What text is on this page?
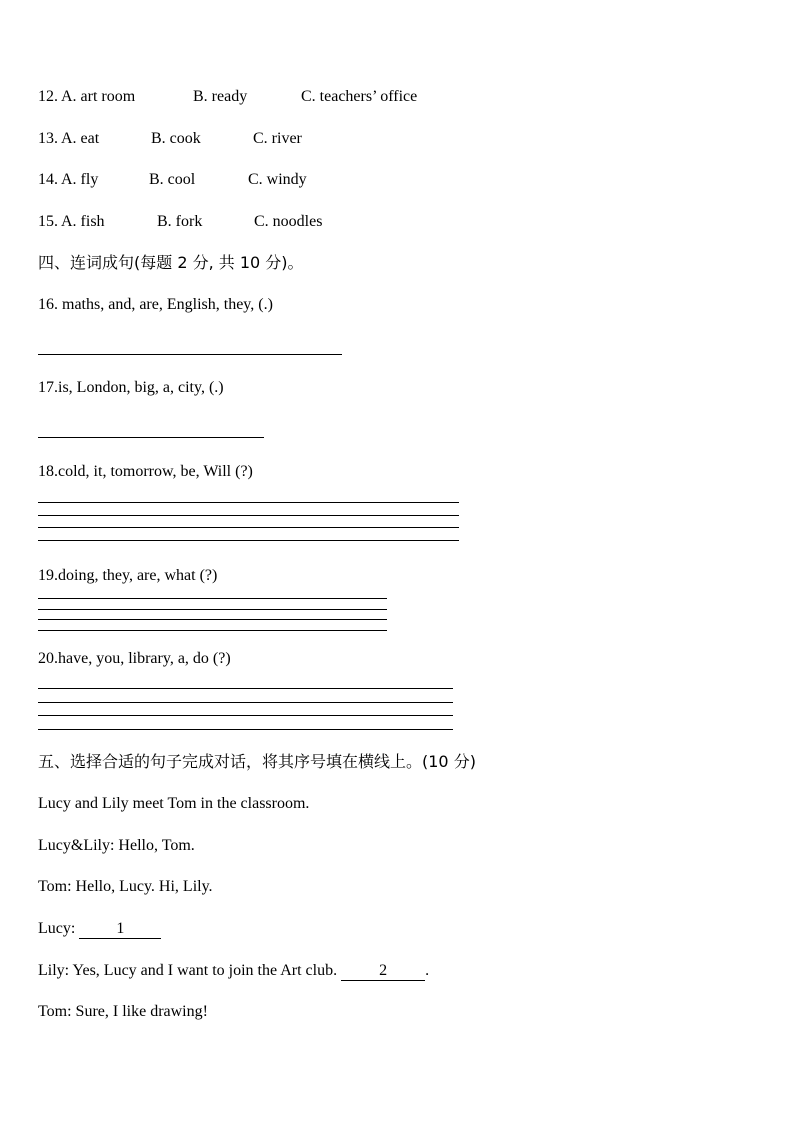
12. A. art room	B. ready	C. teachers’ office
13. A. eat	B. cook	C. river
14. A. fly	B. cool	C. windy
15. A. fish	B. fork	C. noodles
四、连词成句(每题 2 分, 共 10 分)。
16. maths, and, are, English, they, (.)
17.is, London, big, a, city, (.)
18.cold, it, tomorrow, be, Will (?)
19.doing, they, are, what (?)
20.have, you, library, a, do (?)
五、选择合适的句子完成对话，将其序号填在横线上。(10 分)
Lucy and Lily meet Tom in the classroom.
Lucy&Lily: Hello, Tom.
Tom: Hello, Lucy. Hi, Lily.
Lucy: 1
Lily: Yes, Lucy and I want to join the Art club. 2 .
Tom: Sure, I like drawing!
